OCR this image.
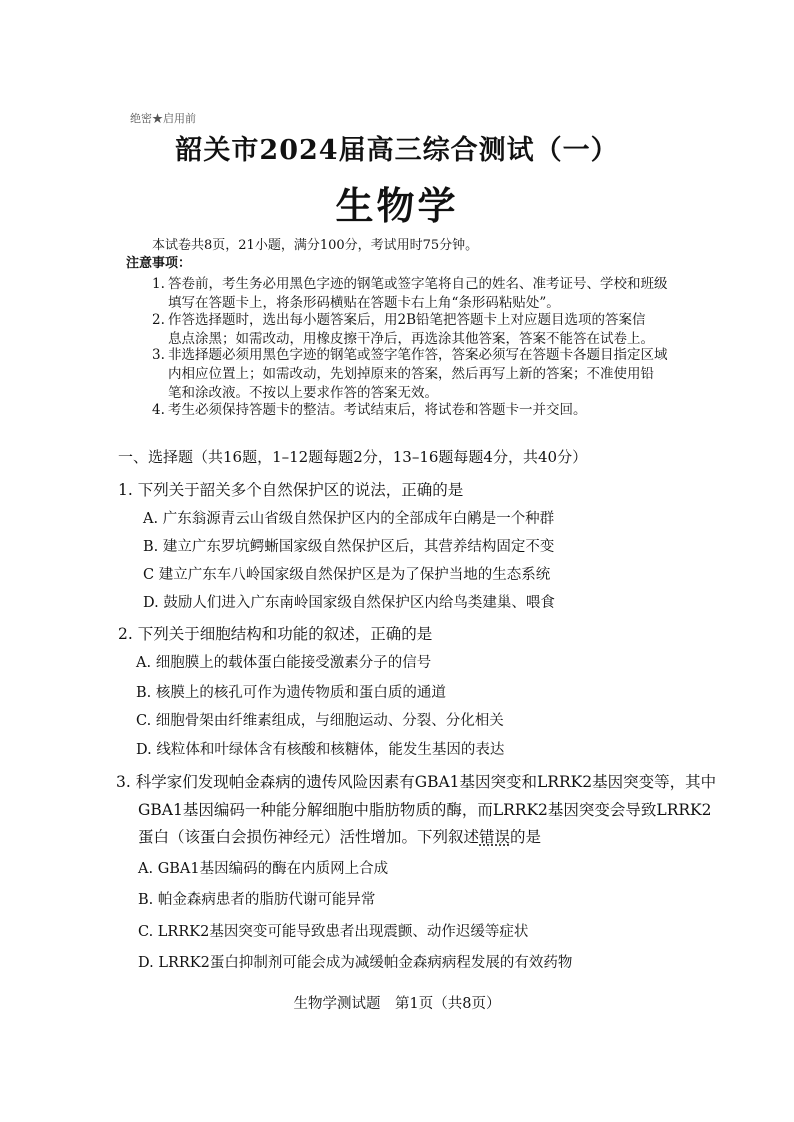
绝密★启用前
韶关市2024届高三综合测试（一）
生物学
本试卷共8页，21小题，满分100分，考试用时75分钟。
注意事项：
1. 答卷前，考生务必用黑色字迹的钢笔或签字笔将自己的姓名、准考证号、学校和班级
填写在答题卡上，将条形码横贴在答题卡右上角“条形码粘贴处”。
2. 作答选择题时，选出每小题答案后，用2B铅笔把答题卡上对应题目选项的答案信
息点涂黑；如需改动，用橡皮擦干净后，再选涂其他答案，答案不能答在试卷上。
3. 非选择题必须用黑色字迹的钢笔或签字笔作答，答案必须写在答题卡各题目指定区域
内相应位置上；如需改动，先划掉原来的答案，然后再写上新的答案；不准使用铅
笔和涂改液。不按以上要求作答的答案无效。
4. 考生必须保持答题卡的整洁。考试结束后，将试卷和答题卡一并交回。
一、选择题（共16题，1–12题每题2分，13–16题每题4分，共40分）
1. 下列关于韶关多个自然保护区的说法，正确的是
A. 广东翁源青云山省级自然保护区内的全部成年白鹇是一个种群
B. 建立广东罗坑鳄蜥国家级自然保护区后，其营养结构固定不变
C 建立广东车八岭国家级自然保护区是为了保护当地的生态系统
D. 鼓励人们进入广东南岭国家级自然保护区内给鸟类建巢、喂食
2. 下列关于细胞结构和功能的叙述，正确的是
A. 细胞膜上的载体蛋白能接受激素分子的信号
B. 核膜上的核孔可作为遗传物质和蛋白质的通道
C. 细胞骨架由纤维素组成，与细胞运动、分裂、分化相关
D. 线粒体和叶绿体含有核酸和核糖体，能发生基因的表达
3. 科学家们发现帕金森病的遗传风险因素有GBA1基因突变和LRRK2基因突变等，其中
GBA1基因编码一种能分解细胞中脂肪物质的酶，而LRRK2基因突变会导致LRRK2
蛋白（该蛋白会损伤神经元）活性增加。下列叙述错误的是
A. GBA1基因编码的酶在内质网上合成
B. 帕金森病患者的脂肪代谢可能异常
C. LRRK2基因突变可能导致患者出现震颤、动作迟缓等症状
D. LRRK2蛋白抑制剂可能会成为减缓帕金森病病程发展的有效药物
生物学测试题　第1页（共8页）
